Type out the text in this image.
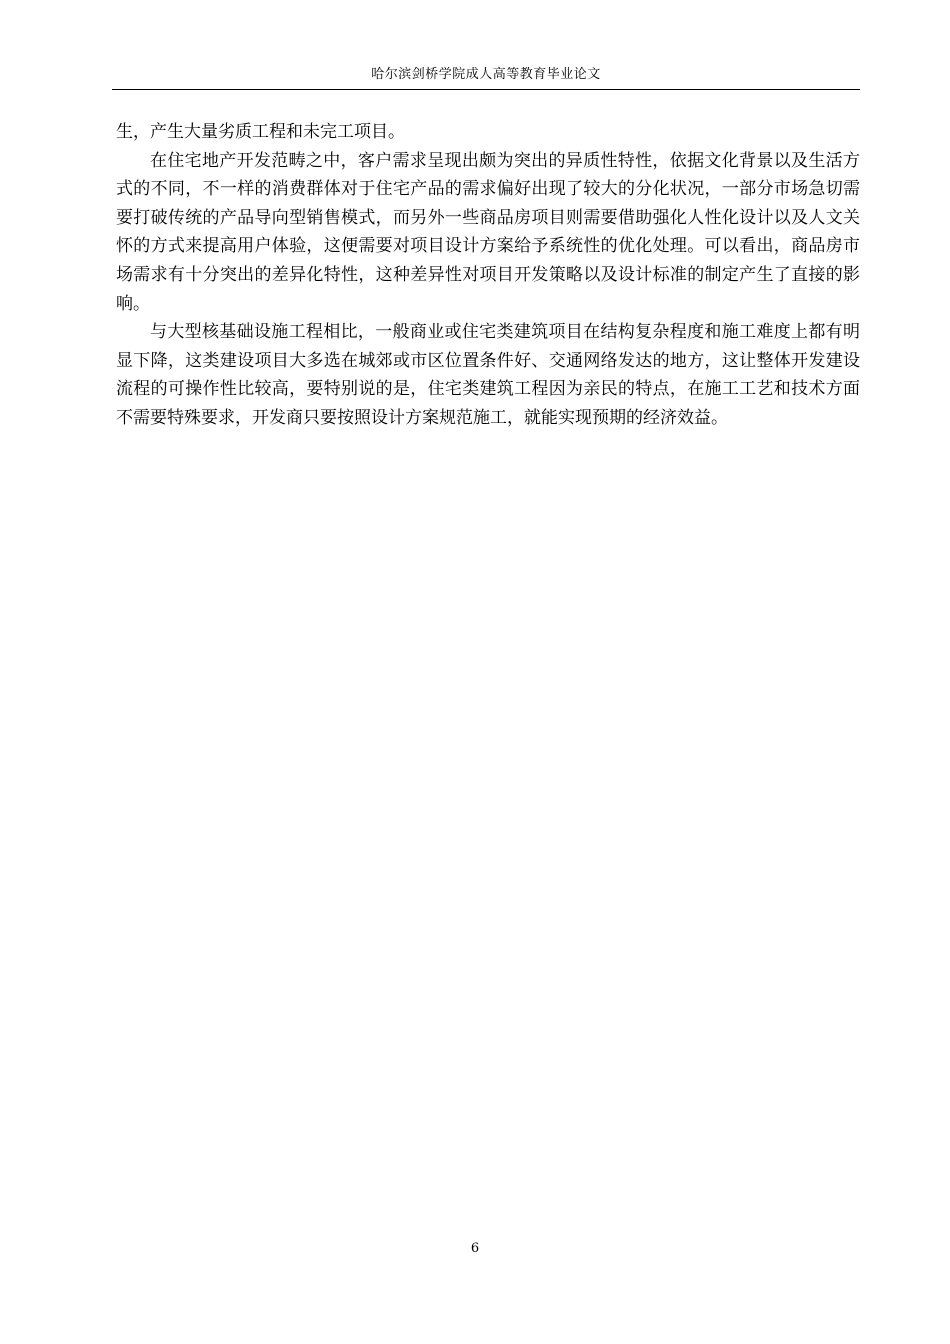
哈尔滨剑桥学院成人高等教育毕业论文

生，产生大量劣质工程和未完工项目。

在住宅地产开发范畴之中，客户需求呈现出颇为突出的异质性特性，依据文化背景以及生活方式的不同，不一样的消费群体对于住宅产品的需求偏好出现了较大的分化状况，一部分市场急切需要打破传统的产品导向型销售模式，而另外一些商品房项目则需要借助强化人性化设计以及人文关怀的方式来提高用户体验，这便需要对项目设计方案给予系统性的优化处理。可以看出，商品房市场需求有十分突出的差异化特性，这种差异性对项目开发策略以及设计标准的制定产生了直接的影响。

与大型核基础设施工程相比，一般商业或住宅类建筑项目在结构复杂程度和施工难度上都有明显下降，这类建设项目大多选在城郊或市区位置条件好、交通网络发达的地方，这让整体开发建设流程的可操作性比较高，要特别说的是，住宅类建筑工程因为亲民的特点，在施工工艺和技术方面不需要特殊要求，开发商只要按照设计方案规范施工，就能实现预期的经济效益。

6
